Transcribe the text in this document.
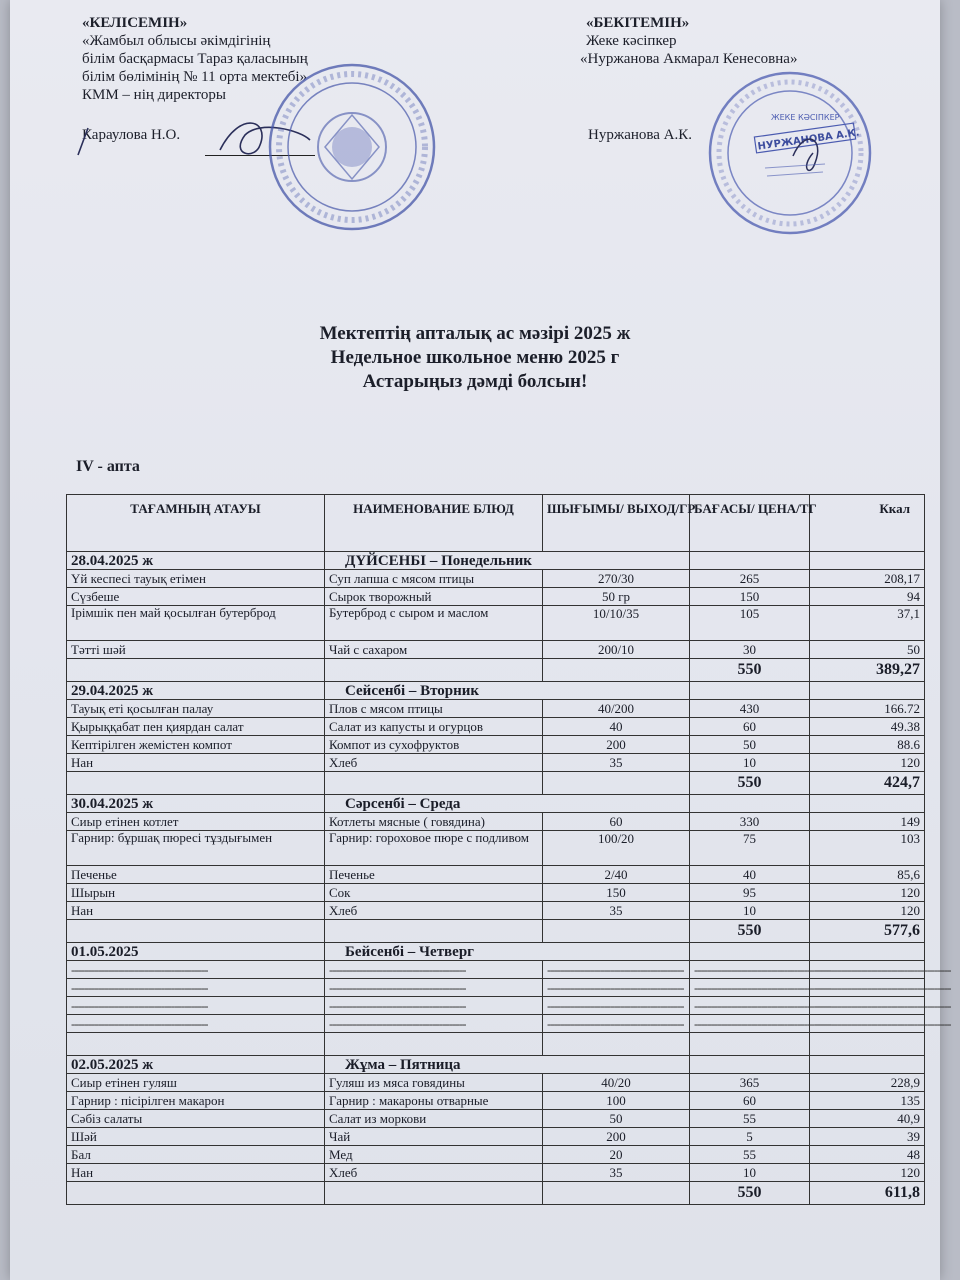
«КЕЛІСЕМІН»
«Жамбыл облысы әкімдігінің
білім басқармасы Тараз қаласының
білім бөлімінің № 11 орта мектебі»
КММ – нің директоры
Караулова Н.О.
«БЕКІТЕМІН»
Жеке кәсіпкер
«Нуржанова Акмарал Кенесовна»
Нуржанова А.К.
ЖЕКЕ КӘСІПКЕР
НУРЖАНОВА А.К.
Мектептің апталық ас мәзірі 2025 ж
Недельное школьное меню 2025 г
Астарыңыз дәмді болсын!
IV - апта
ТАҒАМНЫҢ АТАУЫ	НАИМЕНОВАНИЕ БЛЮД	ШЫҒЫМЫ/ ВЫХОД/ГР	БАҒАСЫ/ ЦЕНА/ТГ	Ккал
28.04.2025 ж	ДҮЙСЕНБІ – Понедельник			
Үй кеспесі тауық етімен	Суп лапша с мясом птицы	270/30	265	208,17
Сүзбеше	Сырок творожный	50 гр	150	94
Ірімшік пен май қосылған бутерброд	Бутерброд с сыром и маслом	10/10/35	105	37,1
Тәтті шәй	Чай с сахаром	200/10	30	50
			550	389,27
29.04.2025 ж	Сейсенбі – Вторник			
Тауық еті қосылған палау	Плов с мясом птицы	40/200	430	166.72
Қырыққабат пен қиярдан салат	Салат из капусты и огурцов	40	60	49.38
Кептірілген жемістен компот	Компот из сухофруктов	200	50	88.6
Нан	Хлеб	35	10	120
			550	424,7
30.04.2025 ж	Сәрсенбі – Среда			
Сиыр етінен котлет	Котлеты мясные ( говядина)	60	330	149
Гарнир: бұршақ пюресі тұздығымен	Гарнир: гороховое пюре с подливом	100/20	75	103
Печенье	Печенье	2/40	40	85,6
Шырын	Сок	150	95	120
Нан	Хлеб	35	10	120
			550	577,6
01.05.2025	Бейсенбі – Четверг			
-----------------------------------------	-----------------------------------------	-----------------------------------------	-----------------------------------------	-----------------------------------------
-----------------------------------------	-----------------------------------------	-----------------------------------------	-----------------------------------------	-----------------------------------------
-----------------------------------------	-----------------------------------------	-----------------------------------------	-----------------------------------------	-----------------------------------------
-----------------------------------------	-----------------------------------------	-----------------------------------------	-----------------------------------------	-----------------------------------------

02.05.2025 ж	Жұма – Пятница			
Сиыр етінен гуляш	Гуляш из мяса говядины	40/20	365	228,9
Гарнир : пісірілген макарон	Гарнир : макароны отварные	100	60	135
Сәбіз салаты	Салат из моркови	50	55	40,9
Шәй	Чай	200	5	39
Бал	Мед	20	55	48
Нан	Хлеб	35	10	120
			550	611,8
